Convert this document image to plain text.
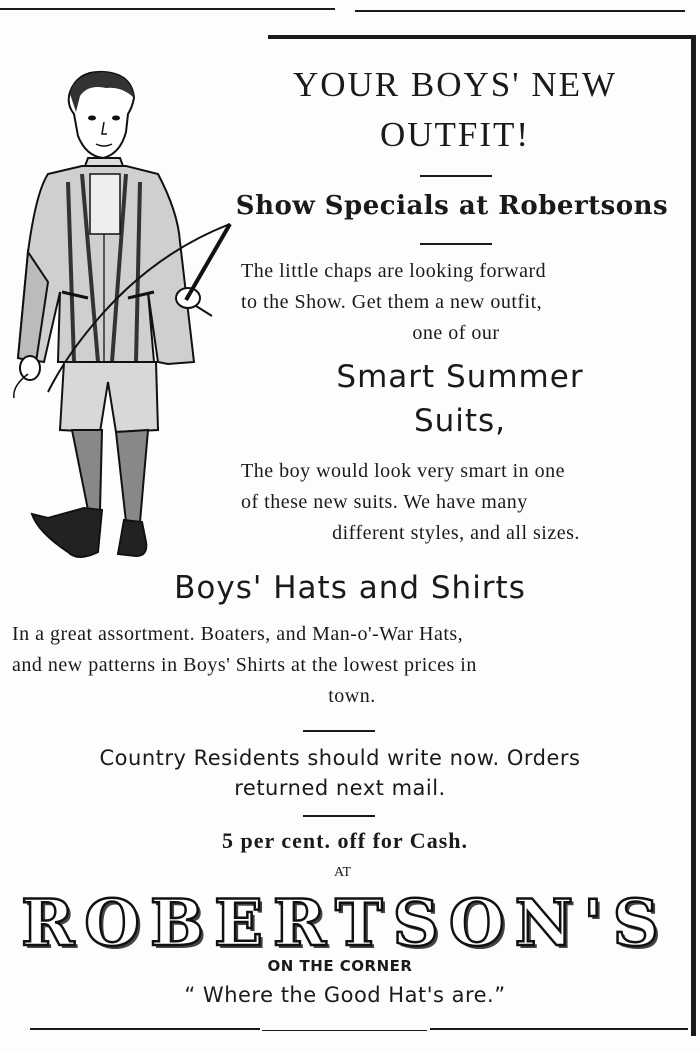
YOUR BOYS' NEW
OUTFIT!
Show Specials at Robertsons
The little chaps are looking forward
to the Show. Get them a new outfit,
one of our
Smart Summer
Suits,
The boy would look very smart in one
of these new suits. We have many
different styles, and all sizes.
Boys' Hats and Shirts
In a great assortment. Boaters, and Man-o'-War Hats,
and new patterns in Boys' Shirts at the lowest prices in
town.
Country Residents should write now. Orders
returned next mail.
5 per cent. off for Cash.
AT
ROBERTSON'S
ON THE CORNER
“ Where the Good Hat's are.”
